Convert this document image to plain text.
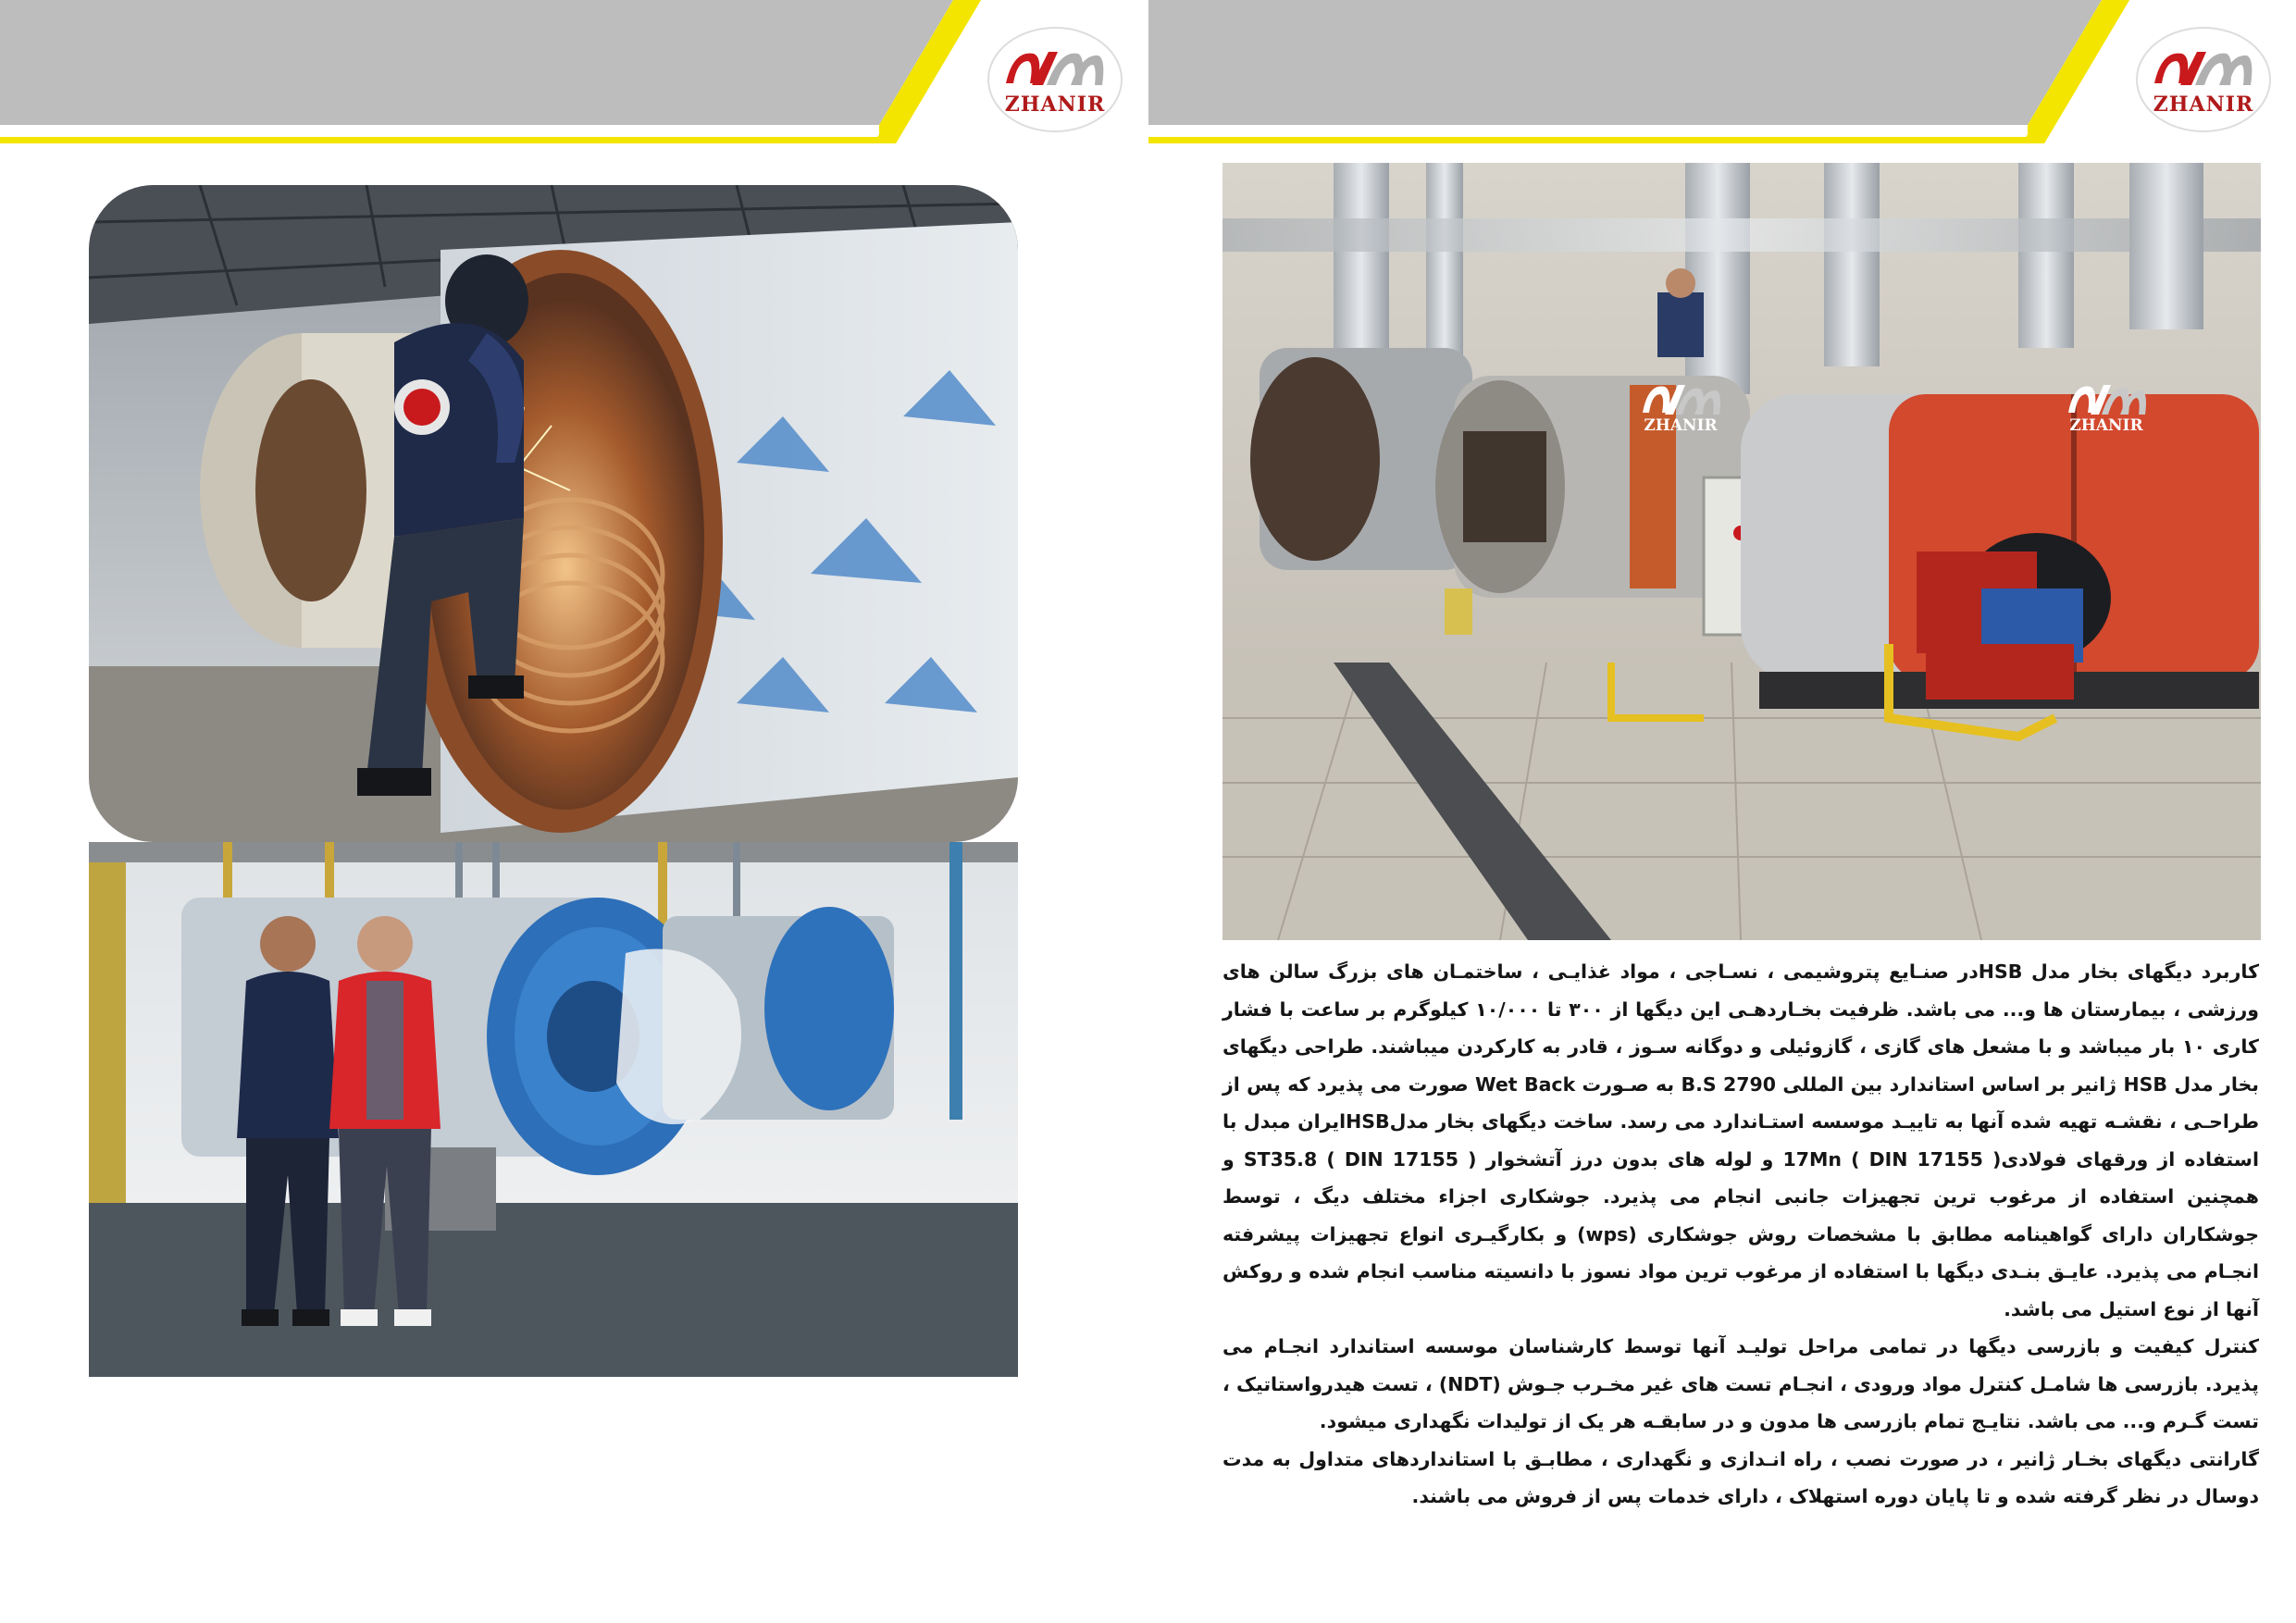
ZHANIR	ZHANIR
ZHANIR	ZHANIR

کاربرد دیگهای بخار مدل HSBدر صنـایع پتروشیمی ، نسـاجی ، مواد غذایـی ، ساختمـان های بزرگ سالن های ورزشی ، بیمارستان ها و... می باشد. ظرفیت بخـاردهـی این دیگها از ۳۰۰ تا ۱۰/۰۰۰ کیلوگرم بر ساعت با فشار کاری ۱۰ بار میباشد و با مشعل های گازی ، گازوئیلی و دوگانه سـوز ، قادر به کارکردن میباشند. طراحی دیگهای بخار مدل HSB ژانیر بر اساس استاندارد بین المللی B.S 2790 به صـورت Wet Back صورت می پذیرد که پس از طراحـی ، نقشـه تهیه شده آنها به تاییـد موسسه استـاندارد می رسد. ساخت دیگهای بخار مدلHSBایران مبدل با استفاده از ورقهای فولادی( 17Mn ( DIN 17155 و لوله های بدون درز آتشخوار ( ST35.8 ( DIN 17155 و همچنین استفاده از مرغوب ترین تجهیزات جانبی انجام می پذیرد. جوشکاری اجزاء مختلف دیگ ، توسط جوشکاران دارای گواهینامه مطابق با مشخصات روش جوشکاری (wps) و بکارگیـری انواع تجهیزات پیشرفته انجـام می پذیرد. عایـق بنـدی دیگها با استفاده از مرغوب ترین مواد نسوز با دانسیته مناسب انجام شده و روکش آنها از نوع استیل می باشد.

کنترل کیفیت و بازرسی دیگها در تمامی مراحل تولیـد آنها توسط کارشناسان موسسه استاندارد انجـام می پذیرد. بازرسی ها شامـل کنترل مواد ورودی ، انجـام تست های غیر مخـرب جـوش (NDT) ، تست هیدرواستاتیک ، تست گـرم و... می باشد. نتایـج تمام بازرسی ها مدون و در سابقـه هر یک از تولیدات نگهداری میشود.

گارانتی دیگهای بخـار ژانیر ، در صورت نصب ، راه انـدازی و نگهداری ، مطابـق با استانداردهای متداول به مدت دوسال در نظر گرفته شده و تا پایان دوره استهلاک ، دارای خدمات پس از فروش می باشند.
